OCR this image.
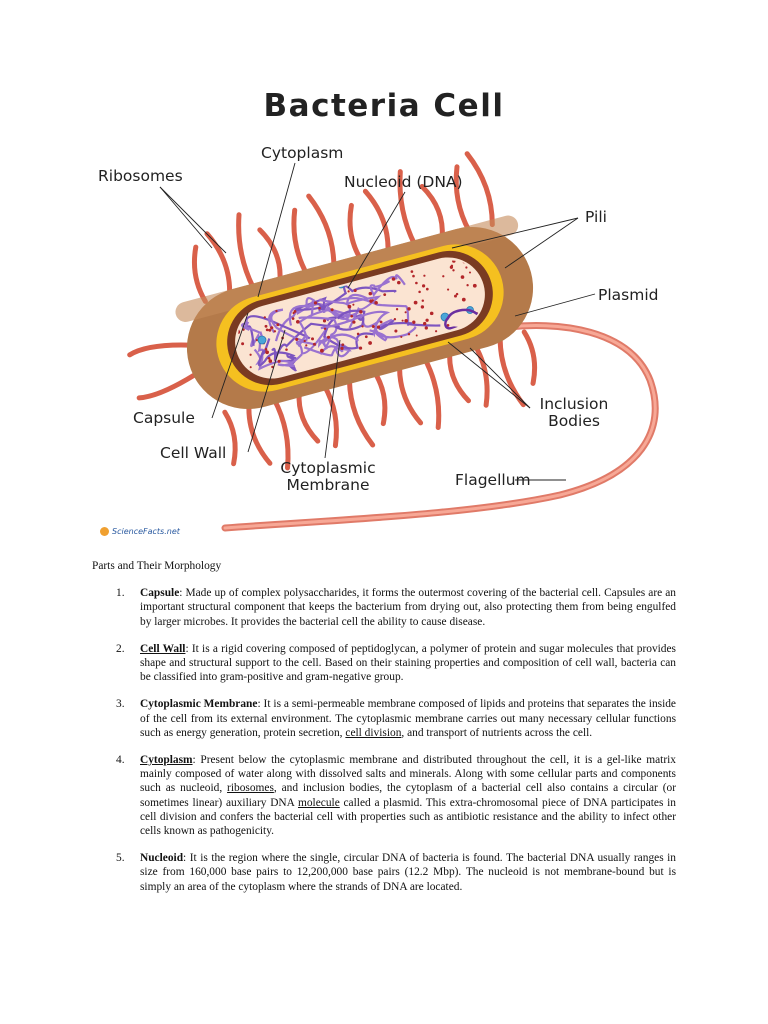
Bacteria Cell
Cytoplasm
Ribosomes	Nucleoid (DNA)
Pili
Plasmid
Inclusion
Bodies
Capsule
Cell Wall
Cytoplasmic
Membrane	Flagellum
ScienceFacts.net
Parts and Their Morphology
1. Capsule: Made up of complex polysaccharides, it forms the outermost covering of the bacterial cell. Capsules are an important structural component that keeps the bacterium from drying out, also protecting them from being engulfed by larger microbes. It provides the bacterial cell the ability to cause disease.
2. Cell Wall: It is a rigid covering composed of peptidoglycan, a polymer of protein and sugar molecules that provides shape and structural support to the cell. Based on their staining properties and composition of cell wall, bacteria can be classified into gram-positive and gram-negative group.
3. Cytoplasmic Membrane: It is a semi-permeable membrane composed of lipids and proteins that separates the inside of the cell from its external environment. The cytoplasmic membrane carries out many necessary cellular functions such as energy generation, protein secretion, cell division, and transport of nutrients across the cell.
4. Cytoplasm: Present below the cytoplasmic membrane and distributed throughout the cell, it is a gel-like matrix mainly composed of water along with dissolved salts and minerals. Along with some cellular parts and components such as nucleoid, ribosomes, and inclusion bodies, the cytoplasm of a bacterial cell also contains a circular (or sometimes linear) auxiliary DNA molecule called a plasmid. This extra-chromosomal piece of DNA participates in cell division and confers the bacterial cell with properties such as antibiotic resistance and the ability to infect other cells known as pathogenicity.
5. Nucleoid: It is the region where the single, circular DNA of bacteria is found. The bacterial DNA usually ranges in size from 160,000 base pairs to 12,200,000 base pairs (12.2 Mbp). The nucleoid is not membrane-bound but is simply an area of the cytoplasm where the strands of DNA are located.
